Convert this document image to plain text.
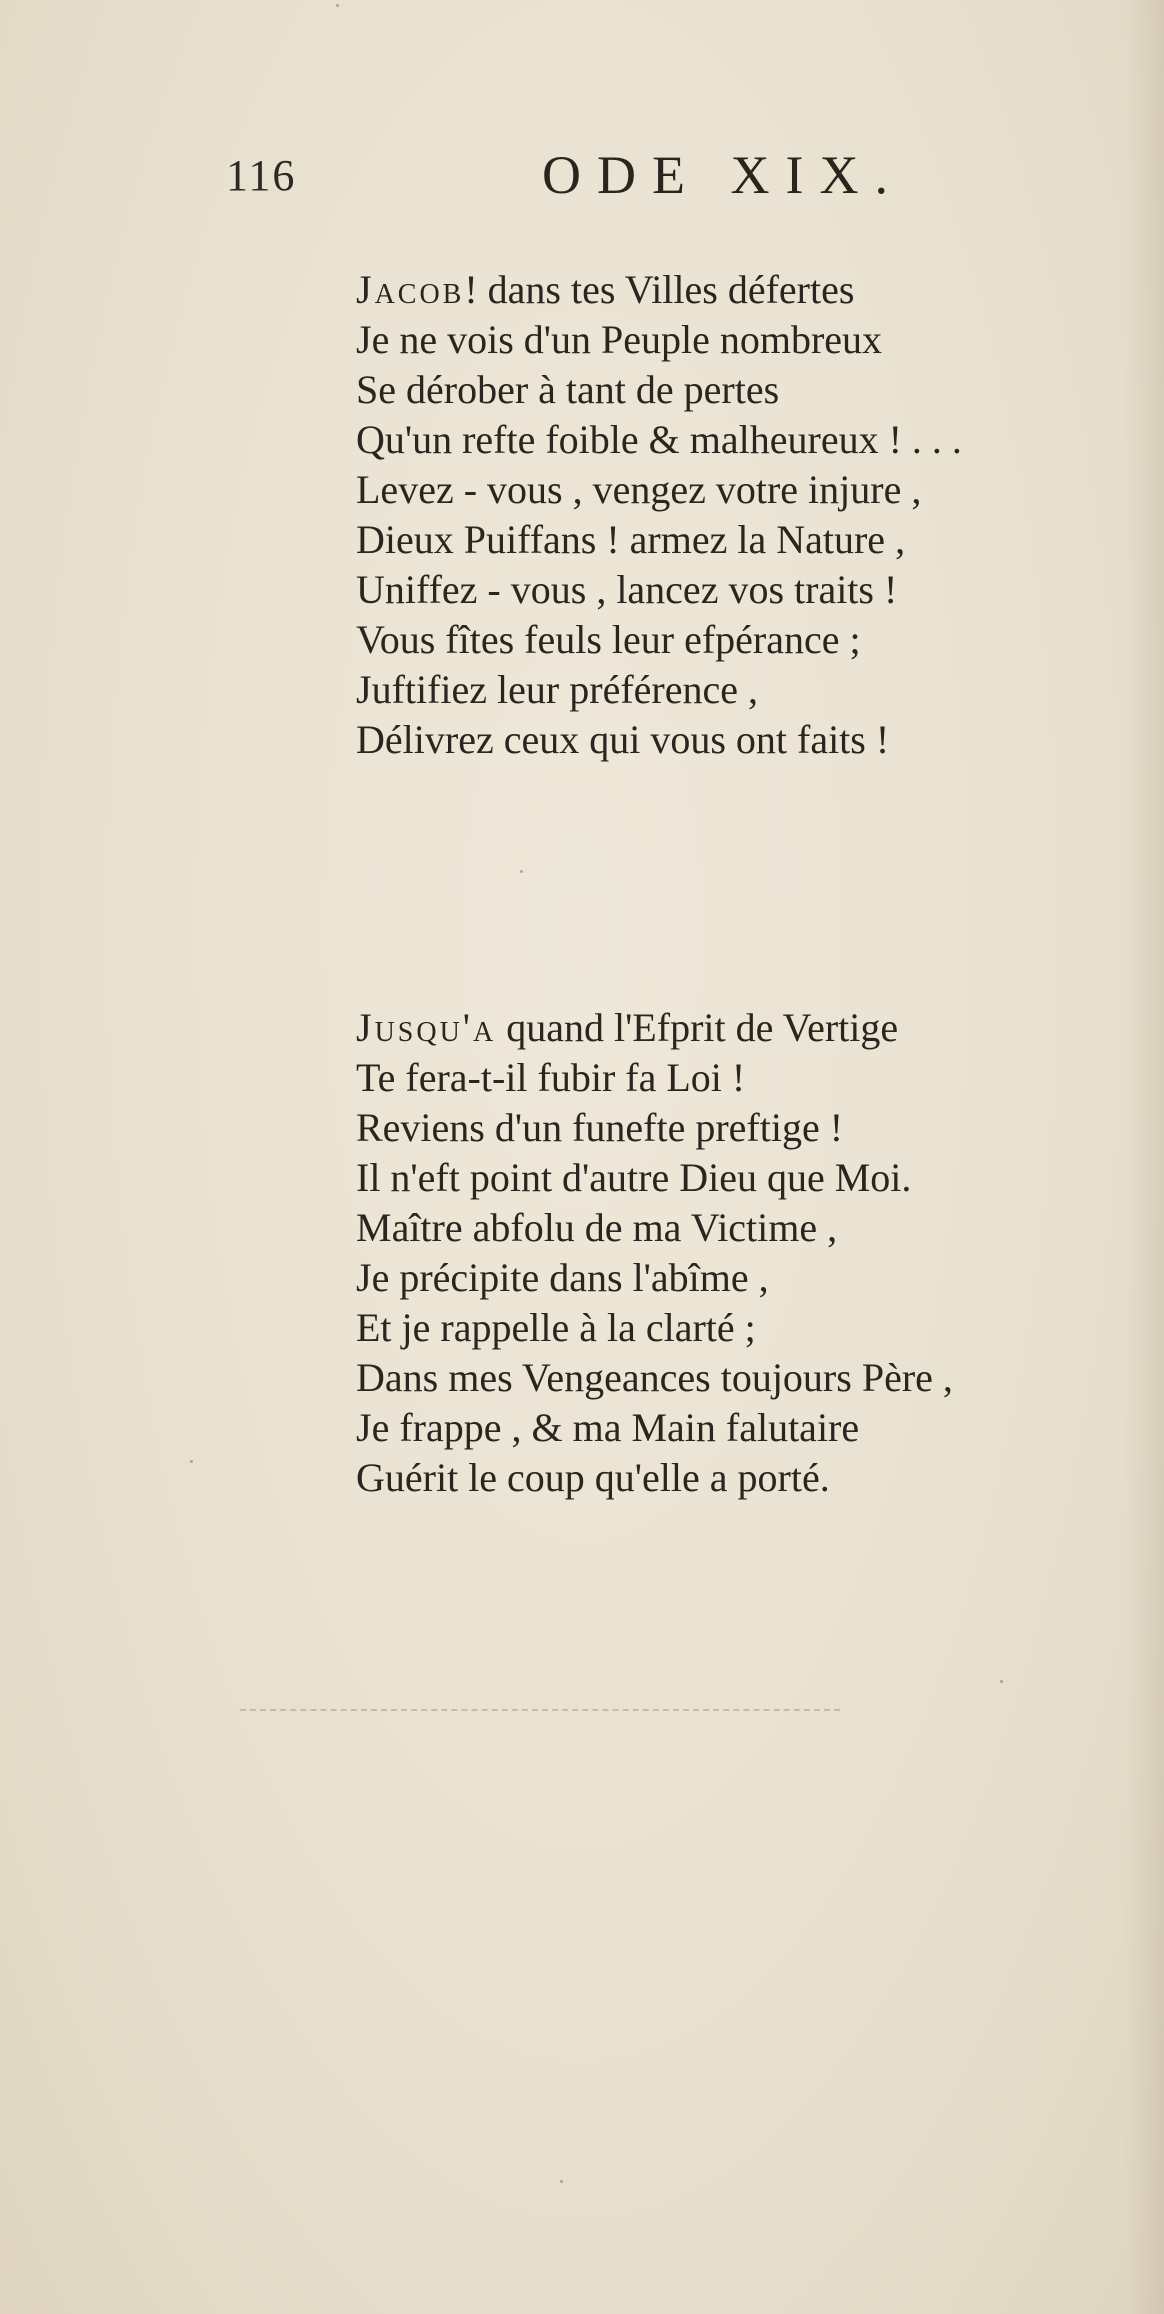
116	ODE XIX.
Jacob! dans tes Villes défertes
Je ne vois d'un Peuple nombreux
Se dérober à tant de pertes
Qu'un refte foible & malheureux ! . . .
Levez - vous , vengez votre injure ,
Dieux Puiffans ! armez la Nature ,
Uniffez - vous , lancez vos traits !
Vous fîtes feuls leur efpérance ;
Juftifiez leur préférence ,
Délivrez ceux qui vous ont faits !
Jusqu'a quand l'Efprit de Vertige
Te fera-t-il fubir fa Loi !
Reviens d'un funefte preftige !
Il n'eft point d'autre Dieu que Moi.
Maître abfolu de ma Victime ,
Je précipite dans l'abîme ,
Et je rappelle à la clarté ;
Dans mes Vengeances toujours Père ,
Je frappe , & ma Main falutaire
Guérit le coup qu'elle a porté.
